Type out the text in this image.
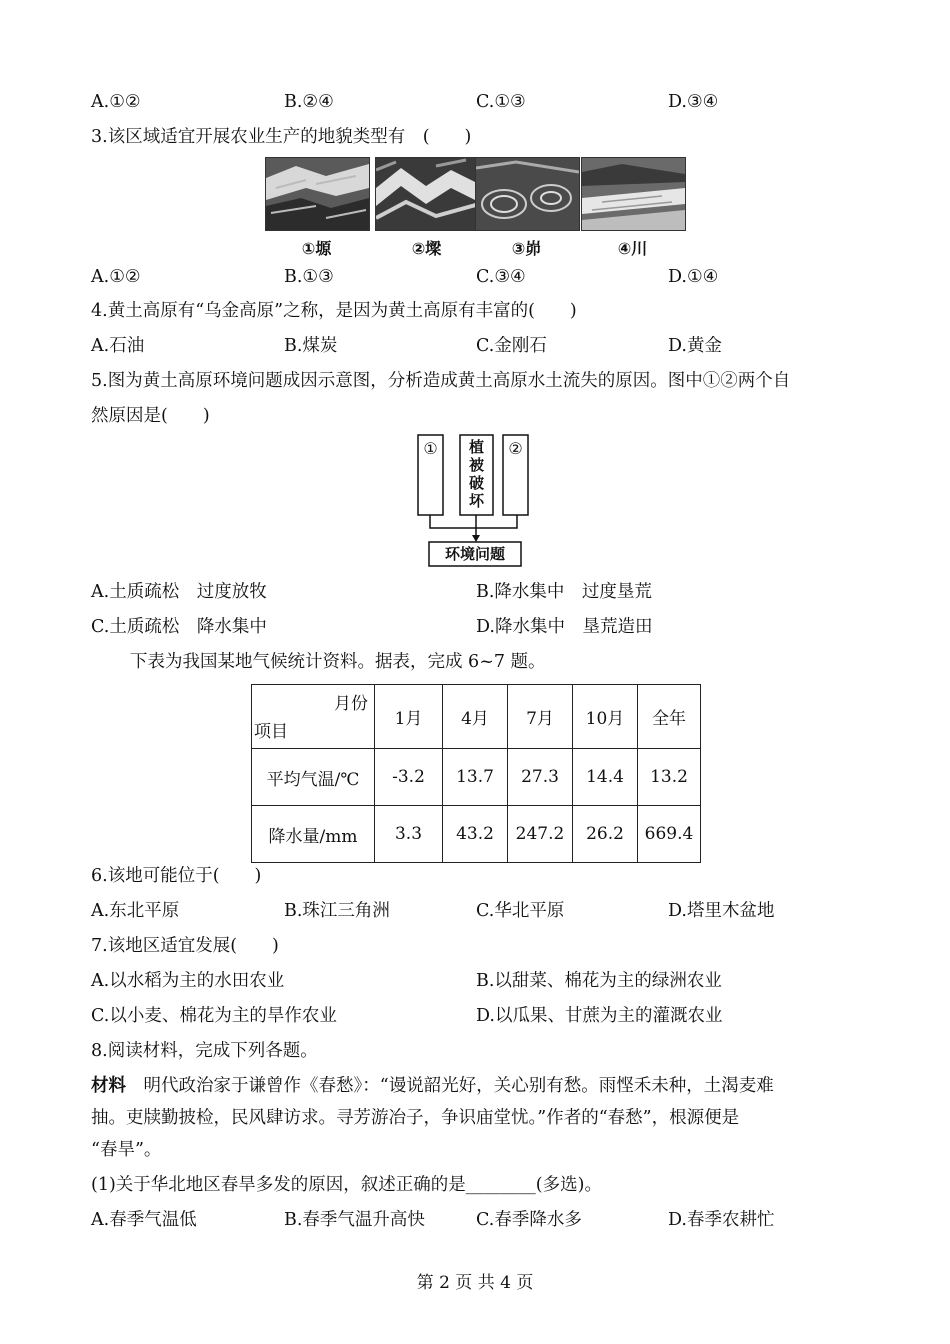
A.①②	B.②④	C.①③	D.③④
3.该区域适宜开展农业生产的地貌类型有　(　　)
①塬	②墚	③峁	④川
A.①②	B.①③	C.③④	D.①④
4.黄土高原有“乌金高原”之称，是因为黄土高原有丰富的(　　)
A.石油	B.煤炭	C.金刚石	D.黄金
5.图为黄土高原环境问题成因示意图，分析造成黄土高原水土流失的原因。图中①②两个自
然原因是(　　)
①	②
植
被
破
坏
环境问题
A.土质疏松　过度放牧	B.降水集中　过度垦荒
C.土质疏松　降水集中	D.降水集中　垦荒造田
下表为我国某地气候统计资料。据表，完成 6~7 题。
月份
项目	1月	4月	7月	10月	全年
平均气温/℃	-3.2	13.7	27.3	14.4	13.2
降水量/mm	3.3	43.2	247.2	26.2	669.4
6.该地可能位于(　　)
A.东北平原	B.珠江三角洲	C.华北平原	D.塔里木盆地
7.该地区适宜发展(　　)
A.以水稻为主的水田农业	B.以甜菜、棉花为主的绿洲农业
C.以小麦、棉花为主的旱作农业	D.以瓜果、甘蔗为主的灌溉农业
8.阅读材料，完成下列各题。
材料　明代政治家于谦曾作《春愁》：“谩说韶光好，关心别有愁。雨悭禾未种，土渴麦难
抽。吏牍勤披检，民风肆访求。寻芳游冶子，争识庙堂忧。”作者的“春愁”，根源便是
“春旱”。
(1)关于华北地区春旱多发的原因，叙述正确的是________(多选)。
A.春季气温低	B.春季气温升高快	C.春季降水多	D.春季农耕忙
第 2 页 共 4 页
